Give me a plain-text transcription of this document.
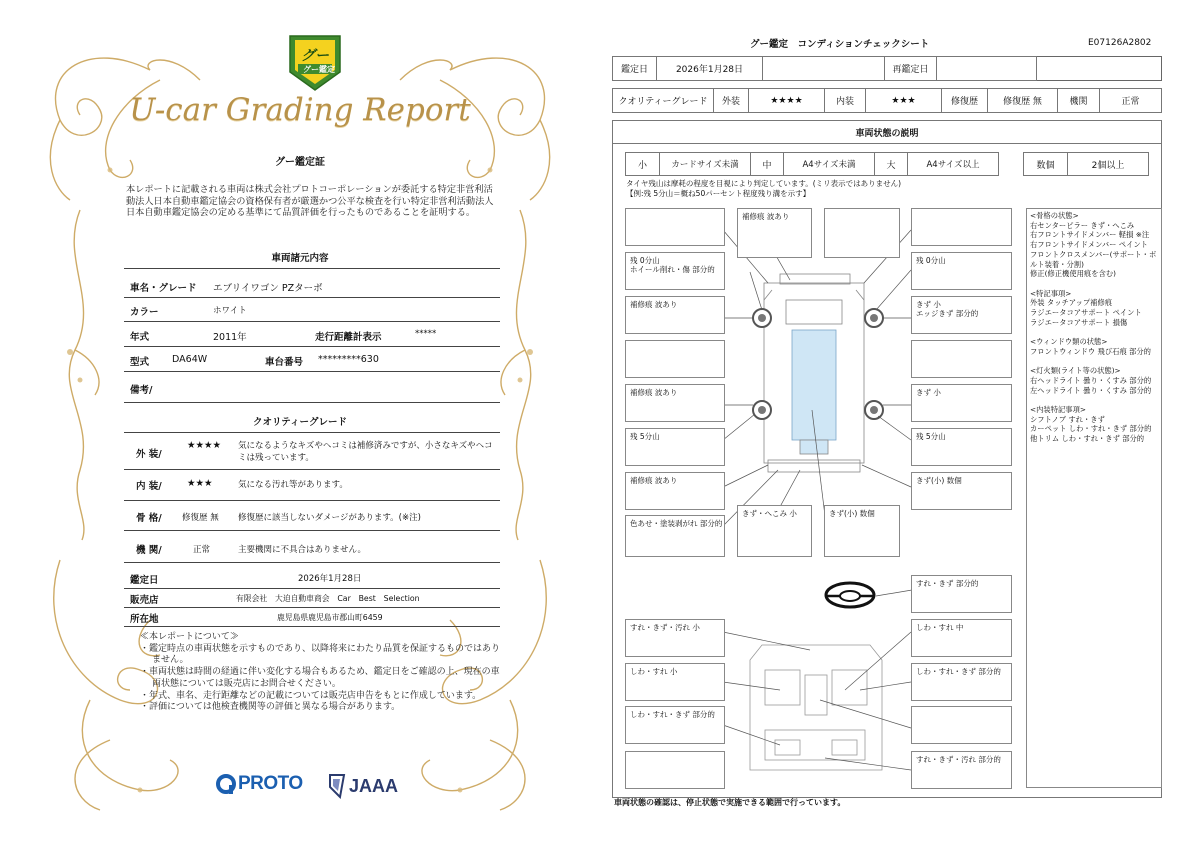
グー
グー鑑定
U-car Grading Report
グー鑑定証
本レポートに記載される車両は株式会社プロトコーポレーションが委託する特定非営利活動法人日本自動車鑑定協会の資格保有者が厳選かつ公平な検査を行い特定非営利活動法人日本自動車鑑定協会の定める基準にて品質評価を行ったものであることを証明する。
車両諸元内容
車名・グレード エブリイワゴン PZターボ
カラー	ホワイト
年式	2011年	走行距離計表示	*****
型式 DA64W	車台番号 *********630
備考/
クオリティーグレード
外 装/
★★★★ 気になるようなキズやヘコミは補修済みですが、小さなキズやヘコミは残っています。
内 装/	★★★	気になる汚れ等があります。
骨 格/ 修復歴 無 修復歴に該当しないダメージがあります。(※注)
機 関/	正常	主要機関に不具合はありません。
鑑定日	2026年1月28日
販売店	有限会社　大迫自動車商会　Car　Best　Selection
所在地	鹿児島県鹿児島市郡山町6459
≪本レポートについて≫
・鑑定時点の車両状態を示すものであり、以降将来にわたり品質を保証するものではありません。
・車両状態は時間の経過に伴い変化する場合もあるため、鑑定日をご確認の上、現在の車両状態については販売店にお問合せください。
・年式、車名、走行距離などの記載については販売店申告をもとに作成しています。
・評価については他検査機関等の評価と異なる場合があります。
PROTO	JAAA
グー鑑定　コンディションチェックシート	E07126A2802
鑑定日	2026年1月28日	再鑑定日
クオリティーグレード	外装	★★★★	内装	★★★	修復歴	修復歴 無	機関	正常
車両状態の説明
小	カードサイズ未満	中	A4サイズ未満	大	A4サイズ以上	数個	2個以上
タイヤ残山は摩耗の程度を目視により判定しています。(ミリ表示ではありません)
【例:残 5分山＝概ね50パーセント程度残り溝を示す】
補修痕 波あり
残 0分山
ホイール削れ・傷 部分的
残 0分山
補修痕 波あり	きず 小
エッジきず 部分的
補修痕 波あり	きず 小
残 5分山	残 5分山
補修痕 波あり	きず(小) 数個
色あせ・塗装剥がれ 部分的
きず・へこみ 小	きず(小) 数個
すれ・きず 部分的
すれ・きず・汚れ 小	しわ・すれ 中
しわ・すれ 小	しわ・すれ・きず 部分的
しわ・すれ・きず 部分的
すれ・きず・汚れ 部分的
<骨格の状態>
右センターピラー きず・へこみ
右フロントサイドメンバー 軽損 ※注
右フロントサイドメンバー ペイント
フロントクロスメンバー(サポート・ボルト装着・分割)
修正(修正機使用痕を含む)

<特記事項>
外装 タッチアップ補修痕
ラジエータコアサポート ペイント
ラジエータコアサポート 損傷

<ウィンドウ類の状態>
フロントウィンドウ 飛び石痕 部分的

<灯火類(ライト等の状態)>
右ヘッドライト 曇り・くすみ 部分的
左ヘッドライト 曇り・くすみ 部分的

<内装特記事項>
シフトノブ すれ・きず
カーペット しわ・すれ・きず 部分的
他トリム しわ・すれ・きず 部分的
車両状態の確認は、停止状態で実施できる範囲で行っています。
